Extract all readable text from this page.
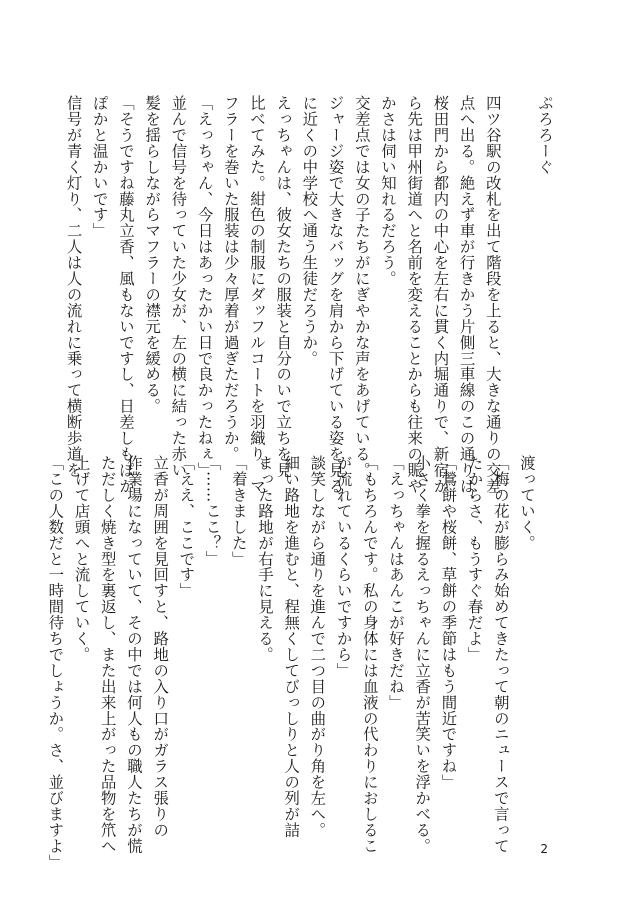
ぷろろーぐ
四ツ谷駅の改札を出て階段を上ると、大きな通りの交差
点へ出る。絶えず車が行きかう片側三車線のこの通りは、
桜田門から都内の中心を左右に貫く内堀通りで、新宿か
ら先は甲州街道へと名前を変えることからも往来の賑や
かさは伺い知れるだろう。
交差点では女の子たちがにぎやかな声をあげている。
ジャージ姿で大きなバッグを肩から下げている姿を見る
に近くの中学校へ通う生徒だろうか。
えっちゃんは、彼女たちの服装と自分のいで立ちを見
比べてみた。紺色の制服にダッフルコートを羽織り、マ
フラーを巻いた服装は少々厚着が過ぎただろうか。
「えっちゃん、今日はあったかい日で良かったねぇ」
並んで信号を待っていた少女が、左の横に結った赤い
髪を揺らしながらマフラーの襟元を緩める。
「そうですね藤丸立香、風もないですし、日差しもぽか
ぽかと温かいです」
信号が青く灯り、二人は人の流れに乗って横断歩道を
渡っていく。
「梅の花が膨らみ始めてきたって朝のニュースで言って
たからさ、もうすぐ春だよ」
「鶯餅や桜餅、草餅の季節はもう間近ですね」
小さく拳を握るえっちゃんに立香が苦笑いを浮かべる。
「えっちゃんはあんこが好きだね」
「もちろんです。私の身体には血液の代わりにおしるこ
が流れているくらいですから」
談笑しながら通りを進んで二つ目の曲がり角を左へ。
細い路地を進むと、程無くしてびっしりと人の列が詰
まった路地が右手に見える。
「着きました」
「……ここ？」
「ええ、ここです」
立香が周囲を見回すと、路地の入り口がガラス張りの
作業場になっていて、その中では何人もの職人たちが慌
ただしく焼き型を裏返し、また出来上がった品物を笊へ
上げて店頭へと流していく。
「この人数だと一時間待ちでしょうか。さ、並びますよ」	2
